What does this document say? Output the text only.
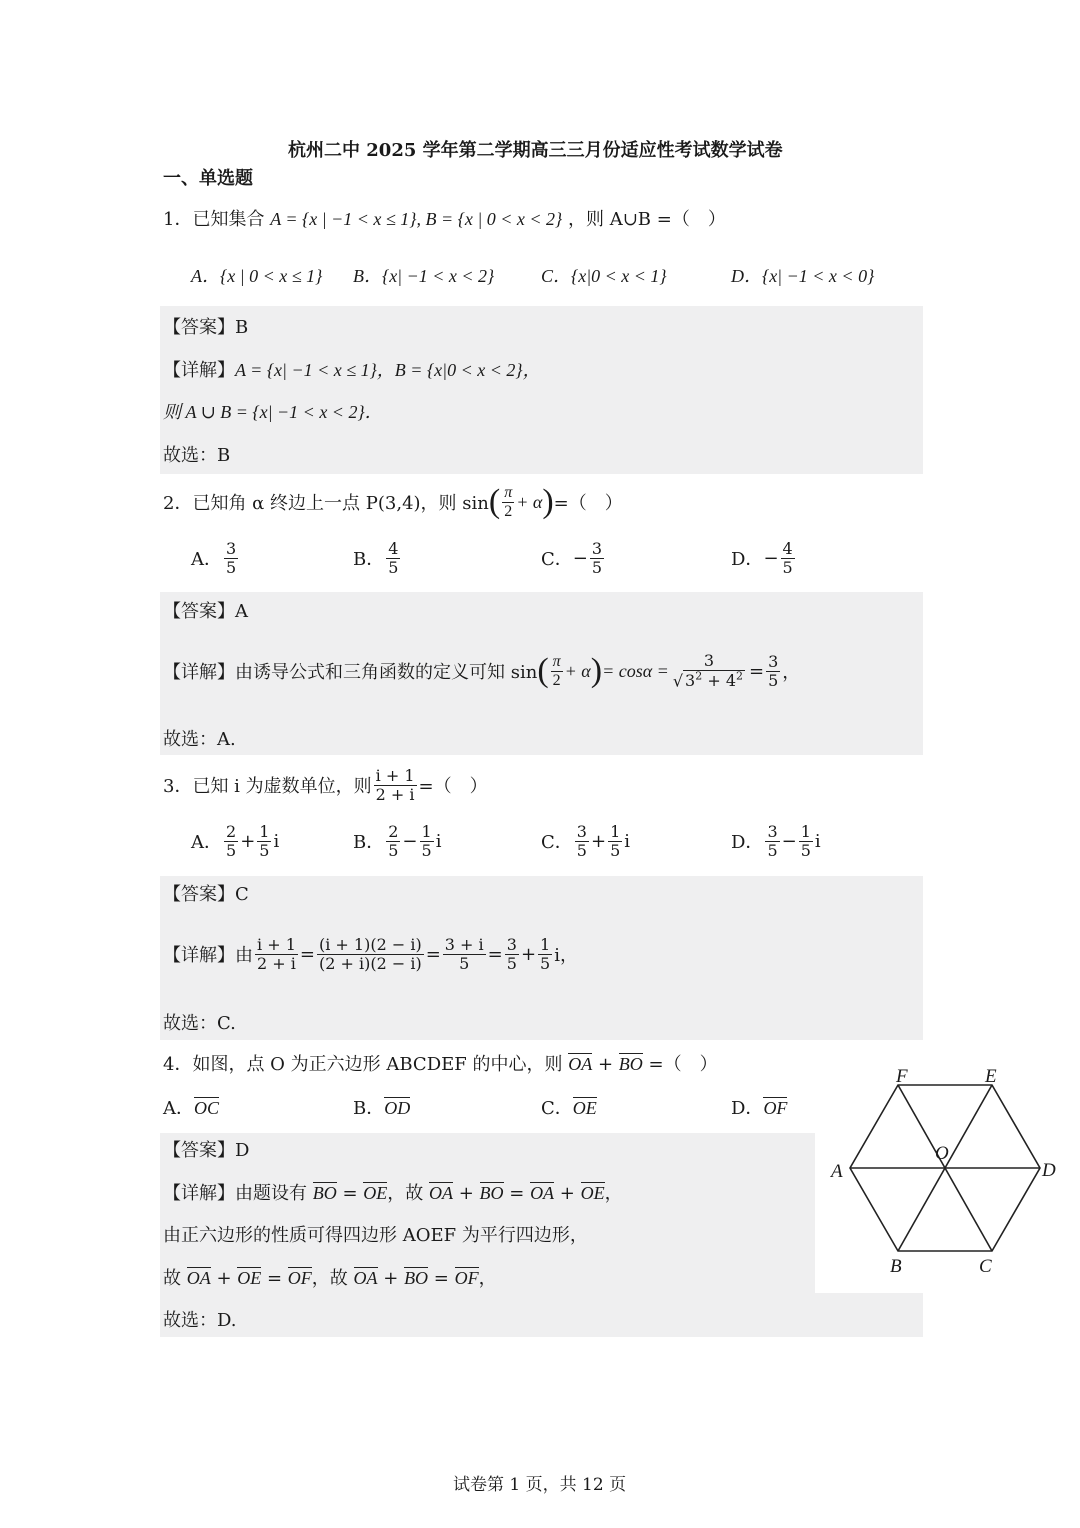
杭州二中 2025 学年第二学期高三三月份适应性考试数学试卷
一、单选题
1．已知集合 A = {x | −1 < x ≤ 1}, B = {x | 0 < x < 2} ，则 A∪B =（　）
A．{x | 0 < x ≤ 1} B．{x| −1 < x < 2}	C．{x|0 < x < 1}	D．{x| −1 < x < 0}
【答案】B
【详解】A = {x| −1 < x ≤ 1}，B = {x|0 < x < 2}，
则 A ∪ B = {x| −1 < x < 2}．
故选：B
2．已知角 α 终边上一点 P(3,4)，则 sin ( $\frac{\pi}{2} + \alpha$ ) =（　）
A． $\frac{3}{5}$	B． $\frac{4}{5}$	C． − $\frac{3}{5}$	D． − $\frac{4}{5}$
【答案】A
【详解】 由诱导公式和三角函数的定义可知 sin ( $\frac{\pi}{2} + \alpha$ ) = $\cos\alpha = \frac{3}{√ 3^2 + 4^2} = \frac{3}{5}$ ，
故选：A.
3．已知 i 为虚数单位，则 $\frac{i + 1}{2 + i}$ =（　）
A． $\frac{2}{5} + \frac{1}{5}$ i	B． $\frac{2}{5} - \frac{1}{5}$ i	C． $\frac{3}{5} + \frac{1}{5}$ i	D． $\frac{3}{5} - \frac{1}{5}$ i
【答案】C
【详解】 由 $\frac{i + 1}{2 + i} = \frac{(i + 1)(2 - i)}{(2 + i)(2 - i)} = \frac{3 + i}{5} = \frac{3}{5} + \frac{1}{5}$ i，
故选：C.
4．如图，点 O 为正六边形 ABCDEF 的中心，则 OA + BO =（　）
A．OC	B．OD	C．OE	D．OF
【答案】D
【详解】由题设有 BO = OE，故 OA + BO = OA + OE，
由正六边形的性质可得四边形 AOEF 为平行四边形，
故 OA + OE = OF，故 OA + BO = OF，
故选：D.
F	E
A	D
O
B	C
试卷第 1 页，共 12 页
